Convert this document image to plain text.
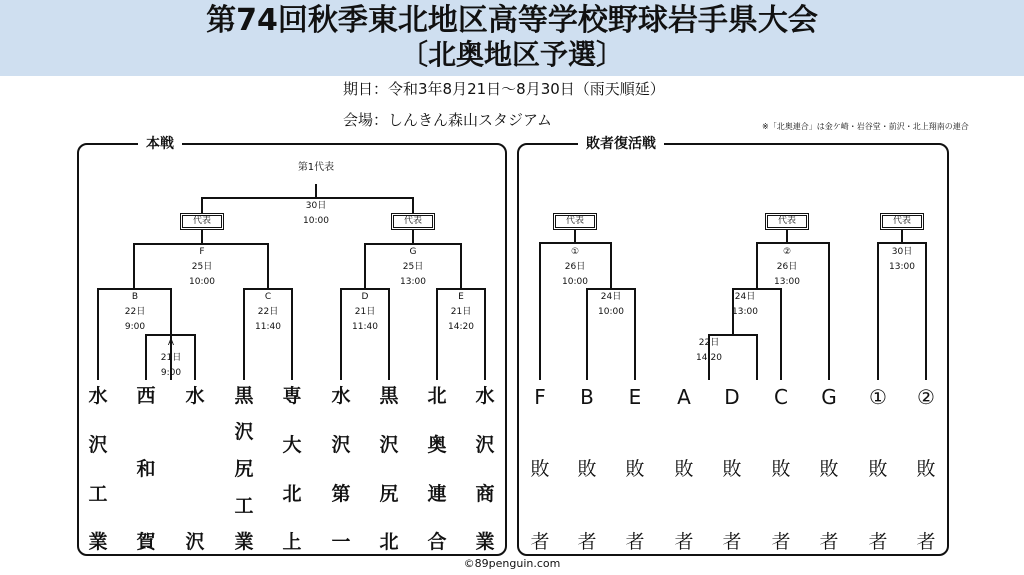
第74回秋季東北地区高等学校野球岩手県大会
〔北奥地区予選〕
期日：令和3年8月21日～8月30日（雨天順延）
会場：しんきん森山スタジアム	※「北奥連合」は金ケ崎・岩谷堂・前沢・北上翔南の連合
本戦	敗者復活戦
第1代表
30日
10:00
代表	代表
F
25日
10:00
G
25日
13:00
B
22日
9:00
A
21日
9:00
C
22日
11:40
D
21日
11:40
E
21日
14:20
水
沢
工
業
西
和
賀
水
沢
黒
沢
尻
工
業
専
大
北
上
水
沢
第
一
黒
沢
尻
北
北
奥
連
合
水
沢
商
業
代表	代表	代表
①
26日
10:00
24日
10:00
②
26日
13:00
24日
13:00
22日
14:20
30日
13:00
F
敗
者
B
敗
者
E
敗
者
A
敗
者
D
敗
者
C
敗
者
G
敗
者
①
敗
者
②
敗
者
©89penguin.com
